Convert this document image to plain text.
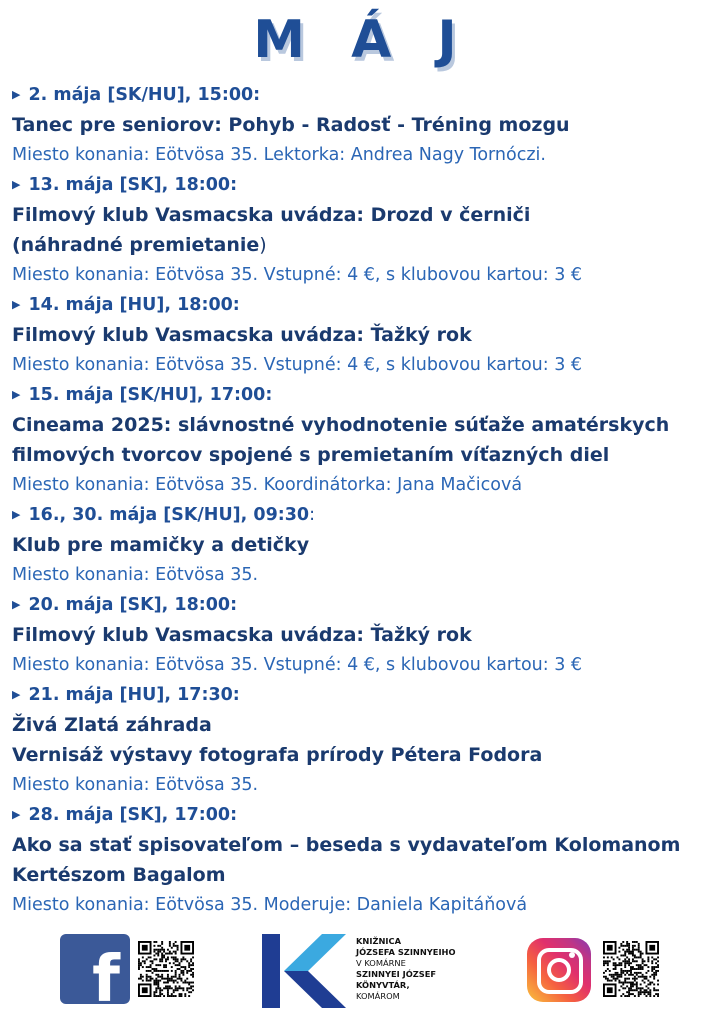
M Á J
▶ 2. mája [SK/HU], 15:00:
Tanec pre seniorov: Pohyb - Radosť - Tréning mozgu
Miesto konania: Eötvösa 35. Lektorka: Andrea Nagy Tornóczi.
▶ 13. mája [SK], 18:00:
Filmový klub Vasmacska uvádza: Drozd v černiči
(náhradné premietanie)
Miesto konania: Eötvösa 35. Vstupné: 4 €, s klubovou kartou: 3 €
▶ 14. mája [HU], 18:00:
Filmový klub Vasmacska uvádza: Ťažký rok
Miesto konania: Eötvösa 35. Vstupné: 4 €, s klubovou kartou: 3 €
▶ 15. mája [SK/HU], 17:00:
Cineama 2025: slávnostné vyhodnotenie súťaže amatérskych
filmových tvorcov spojené s premietaním víťazných diel
Miesto konania: Eötvösa 35. Koordinátorka: Jana Mačicová
▶ 16., 30. mája [SK/HU], 09:30:
Klub pre mamičky a detičky
Miesto konania: Eötvösa 35.
▶ 20. mája [SK], 18:00:
Filmový klub Vasmacska uvádza: Ťažký rok
Miesto konania: Eötvösa 35. Vstupné: 4 €, s klubovou kartou: 3 €
▶ 21. mája [HU], 17:30:
Živá Zlatá záhrada
Vernisáž výstavy fotografa prírody Pétera Fodora
Miesto konania: Eötvösa 35.
▶ 28. mája [SK], 17:00:
Ako sa stať spisovateľom – beseda s vydavateľom Kolomanom
Kertészom Bagalom
Miesto konania: Eötvösa 35. Moderuje: Daniela Kapitáňová
f
KNIŽNICA
JÓZSEFA SZINNYEIHO
V KOMÁRNE
SZINNYEI JÓZSEF
KÖNYVTÁR,
KOMÁROM
